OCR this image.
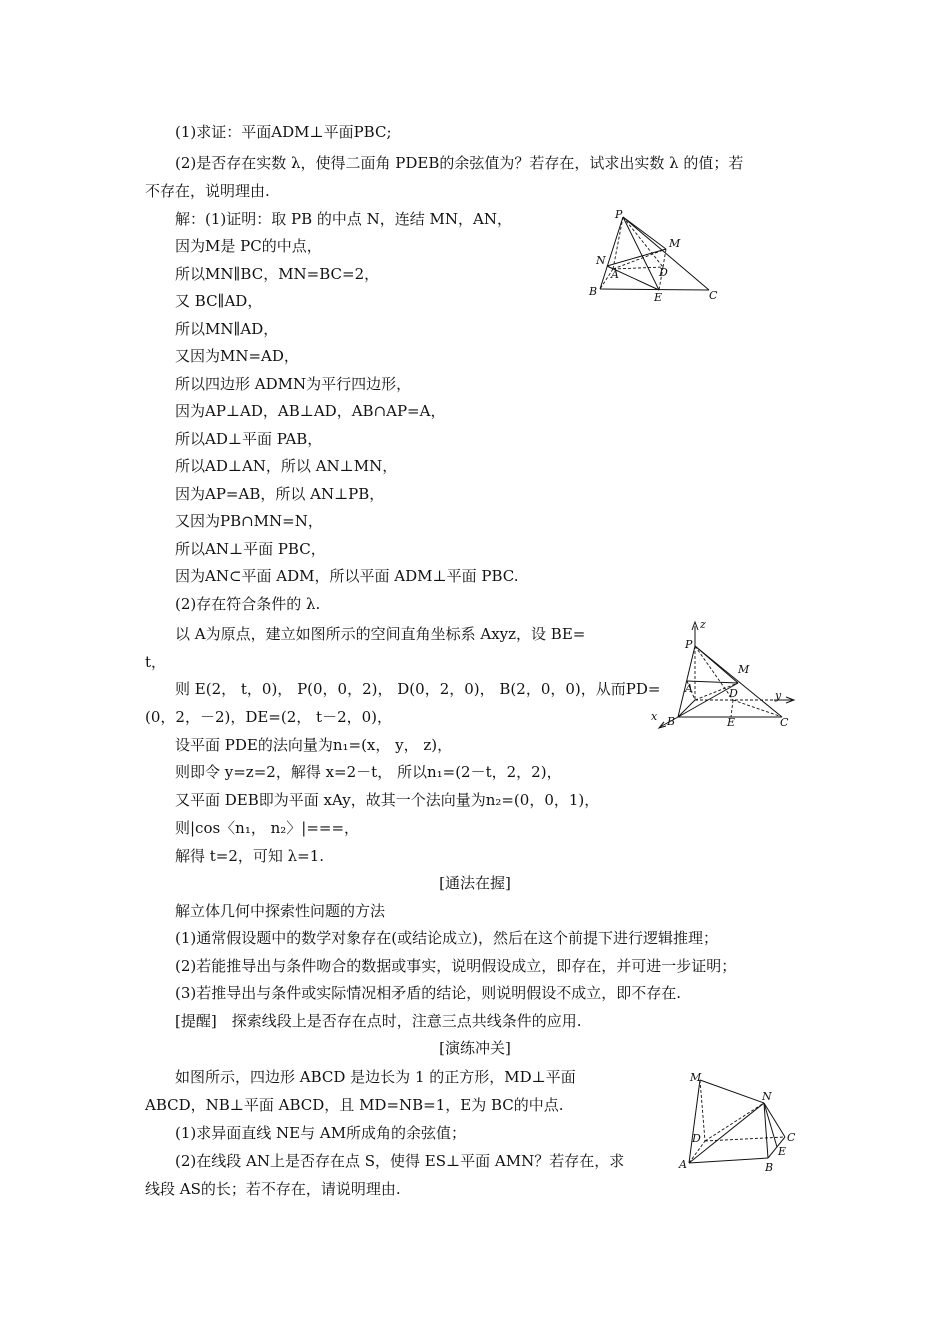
(1)求证：平面ADM⊥平面PBC;
(2)是否存在实数 λ，使得二面角 PDEB的余弦值为？若存在，试求出实数 λ 的值；若
不存在，说明理由.
解：(1)证明：取 PB 的中点 N，连结 MN，AN，
因为M是 PC的中点，
所以MN∥BC，MN=BC=2，
又 BC∥AD，
所以MN∥AD，
又因为MN=AD，
所以四边形 ADMN为平行四边形，
因为AP⊥AD，AB⊥AD，AB∩AP=A，
所以AD⊥平面 PAB，
所以AD⊥AN，所以 AN⊥MN，
因为AP=AB，所以 AN⊥PB，
又因为PB∩MN=N，
所以AN⊥平面 PBC，
因为AN⊂平面 ADM，所以平面 ADM⊥平面 PBC.
(2)存在符合条件的 λ.
以 A为原点，建立如图所示的空间直角坐标系 Axyz，设 BE=
t，
则 E(2， t，0)， P(0，0，2)， D(0，2，0)， B(2，0，0)，从而PD=
(0，2，－2)，DE=(2， t－2，0)，
设平面 PDE的法向量为n₁=(x， y， z)，
则即令 y=z=2，解得 x=2－t， 所以n₁=(2－t，2，2)，
又平面 DEB即为平面 xAy，故其一个法向量为n₂=(0，0，1)，
则|cos〈n₁， n₂〉|===，
解得 t=2，可知 λ=1.
[通法在握]
解立体几何中探索性问题的方法
(1)通常假设题中的数学对象存在(或结论成立)，然后在这个前提下进行逻辑推理；
(2)若能推导出与条件吻合的数据或事实，说明假设成立，即存在，并可进一步证明；
(3)若推导出与条件或实际情况相矛盾的结论，则说明假设不成立，即不存在.
[提醒]　探索线段上是否存在点时，注意三点共线条件的应用.
[演练冲关]
如图所示，四边形 ABCD 是边长为 1 的正方形，MD⊥平面
ABCD，NB⊥平面 ABCD，且 MD=NB=1，E为 BC的中点.
(1)求异面直线 NE与 AM所成角的余弦值；
(2)在线段 AN上是否存在点 S，使得 ES⊥平面 AMN？若存在，求
线段 AS的长；若不存在，请说明理由.
P
M
N
A	D
B	E	C
z
P
M
A	D	y
x B	E	C
M
N
D	C
E
A	B
